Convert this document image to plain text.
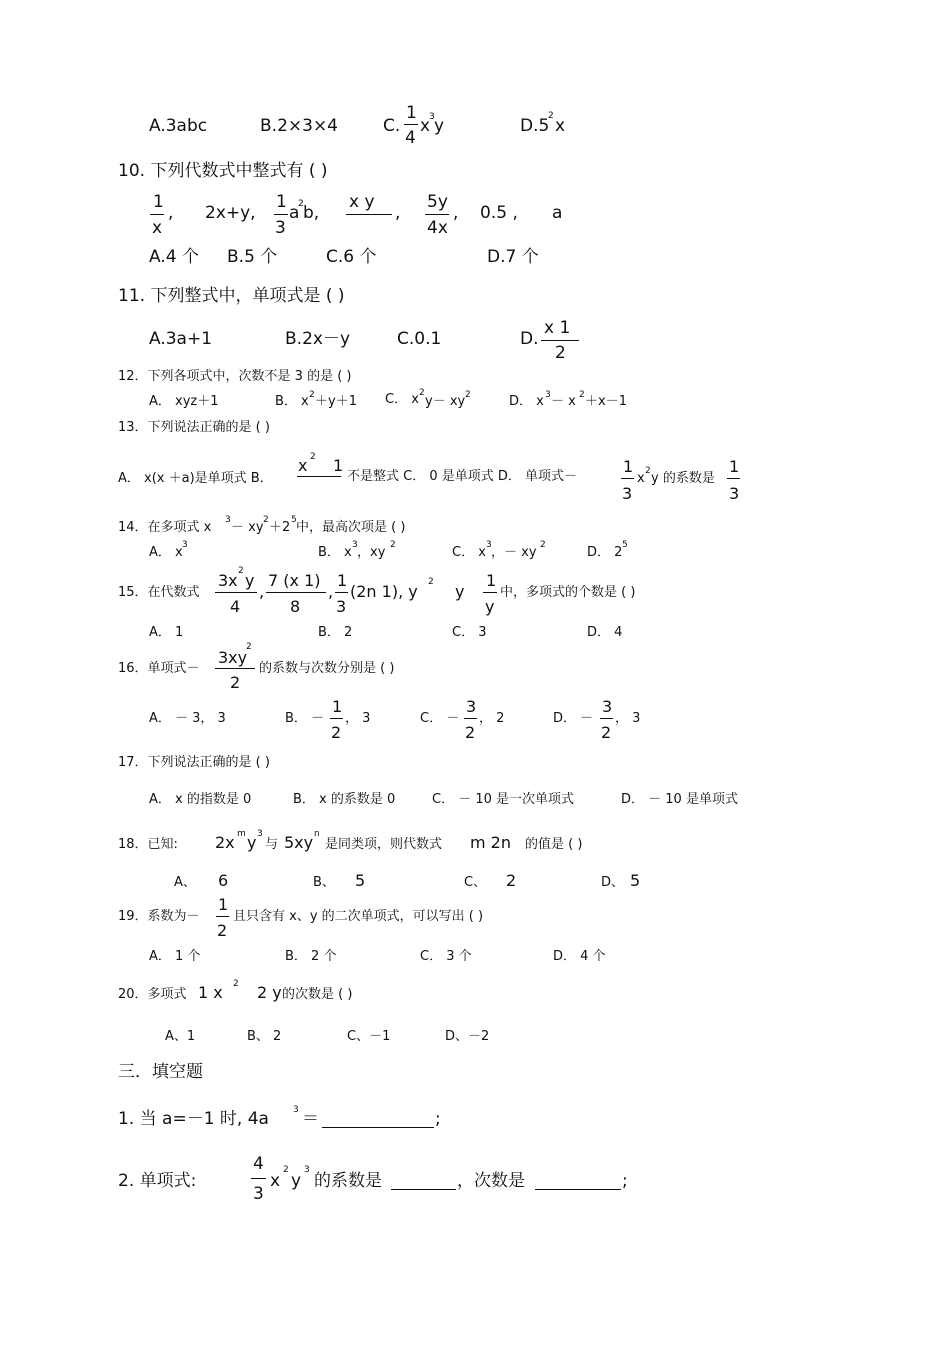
A.3abc	B.2×3×4	C.
1
4
x
3 y	D.5
2 x
10. 下列代数式中整式有 ( )
1
x
, 2x+y,
1
3
a
2 b,
x y
,
5y
4x
, 0.5 , a
A.4 个 B.5 个	C.6 个	D.7 个
11. 下列整式中，单项式是 ( )
A.3a+1	B.2x－y	C.0.1	D.
x 1
2
12．下列各项式中，次数不是 3 的是 ( )
A． xyz＋1	B． x 2 ＋y＋1 C． x 2
y－ xy 2	D． x 3 － x 2 ＋x－1
13．下列说法正确的是 ( )
A． x(x ＋a)是单项式 B．
x 2 1
不是整式 C． 0 是单项式 D． 单项式－
1
3
x 2 y 的系数是
1
3
14．在多项式 x 3 － xy 2 ＋2 5 中，最高次项是 ( )
A． x 3	B． x 3 ，xy 2	C． x 3 ，－ xy 2	D． 2 5
15．在代数式
3x 2 y
4
,
7 (x 1)
8
,
1
3
(2n 1), y 2 y
1
y
中，多项式的个数是 ( )
A． 1	B． 2	C． 3	D． 4
16．单项式－
3xy
2
2
的系数与次数分别是 ( )
A． － 3， 3	B． －
1
2
， 3	C． －
3
2
， 2	D． －
3
2
， 3
17．下列说法正确的是 ( )
A． x 的指数是 0	B． x 的系数是 0	C． － 10 是一次单项式	D． － 10 是单项式
18．已知: 2x m y 3
与 5xy n
是同类项，则代数式 m 2n 的值是 ( )
A、 6	B、 5	C、 2	D、 5
19．系数为－
1
2
且只含有 x、y 的二次单项式，可以写出 ( )
A． 1 个	B． 2 个	C． 3 个	D． 4 个
20．多项式 1 x 2 2 y 的次数是 ( )
A、1	B、 2	C、－1	D、－2
三．填空题
1. 当 a=－1 时, 4a	3 ＝	;
2. 单项式:
4
3
x
2
y
3
的系数是	，次数是	;
